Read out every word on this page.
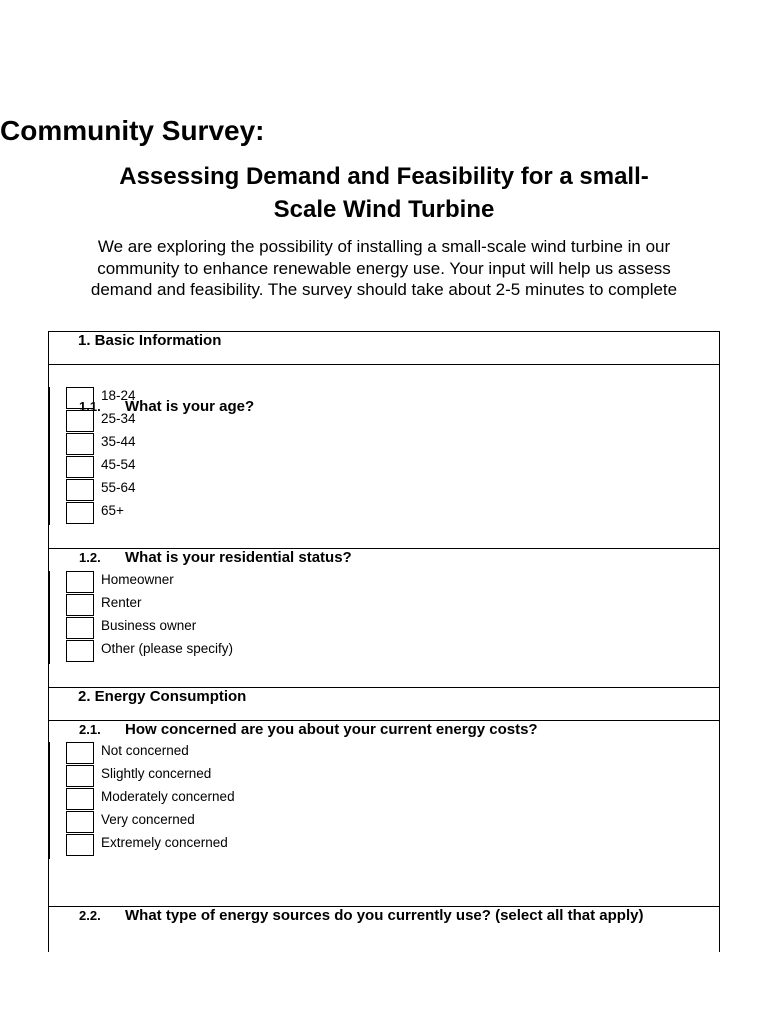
Community Survey:
Assessing Demand and Feasibility for a small-Scale Wind Turbine

We are exploring the possibility of installing a small-scale wind turbine in our community to enhance renewable energy use. Your input will help us assess demand and feasibility. The survey should take about 2-5 minutes to complete

1. Basic Information
1.1. What is your age?
18-24
25-34
35-44
45-54
55-64
65+
1.2. What is your residential status?
Homeowner
Renter
Business owner
Other (please specify)
2. Energy Consumption
2.1. How concerned are you about your current energy costs?
Not concerned
Slightly concerned
Moderately concerned
Very concerned
Extremely concerned
2.2. What type of energy sources do you currently use? (select all that apply)
